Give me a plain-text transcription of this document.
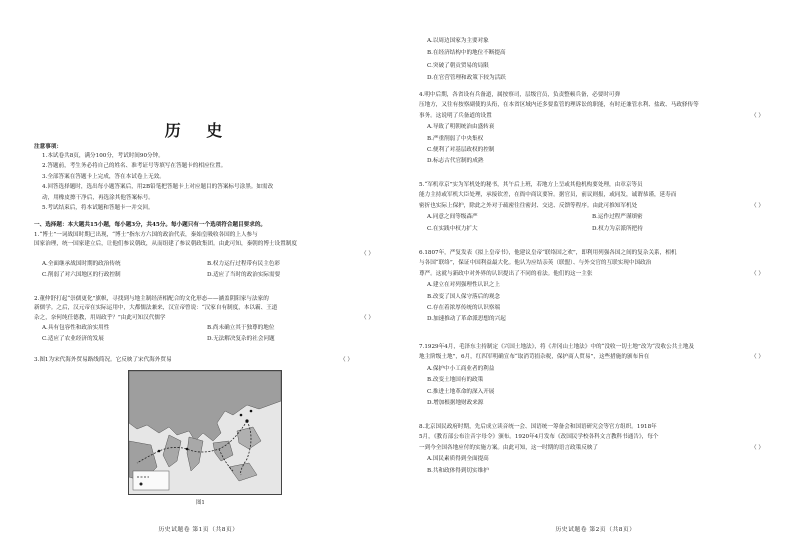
历 史
注意事项：
1.本试卷共8页，满分100分，考试时间90分钟。
2.答题前，考生务必将自己的姓名、准考证号等填写在答题卡的相应位置。
3.全部答案在答题卡上完成，答在本试卷上无效。
4.回答选择题时，选出每小题答案后，用2B铅笔把答题卡上对应题目的答案标号涂黑。如需改
动，用橡皮擦干净后，再选涂其他答案标号。
5.考试结束后，将本试题和答题卡一并交回。
一、选择题：本大题共15小题，每小题3分，共45分。每小题只有一个选项符合题目要求的。
1.“博士”一词战国时期已出现，“博士”指东方六国的政治代表，秦始皇吸收各国的上人参与
国家治理，统一国家建立后，让他们参议朝政，从而组建了参议朝政集团。由此可知，秦朝的博士设置制度
（ ）
A.全面继承战国时期的政治传统	B.权力运行过程带有民主色彩
C.削弱了对六国地区的行政控制	D.适应了当时的政治实际需要
2.董仲舒打起“崇儒更化”旗帜，寻找到与地主制经济相配合的文化形态——涵盖阴阳家与法家的
新儒学。之后，汉元帝在实际运用中，大都儒法兼来，汉宣帝曾说：“汉家自有制度，本以霸、王道
杂之，奈何纯任德教，用周政乎？”由此可知汉代儒学	（ ）
A.具有包容性和政治实用性	B.尚未确立其于独尊的地位
C.适应了农业经济的发展	D.无法解决复杂的社会问题
3.图1为宋代海外贸易路线简况。它反映了宋代海外贸易	（ ）
图1
历史试题卷 第1页（共8页）
A.以周边国家为主要对象
B.在经济结构中的地位不断提高
C.突破了朝贡贸易的局限
D.在官营管理和政策下较为活跃
4.明中后期，各省设有兵备道，属按察司，层级官员，负责整顿兵备，必要时可弹
压地方，又往有按察副使的头衔，在本省区域内还多要监管的理诉讼的职能，有时还兼管水利、盐政、马政驿传等
事务。这说明了兵备道的设置	（ ）
A.导致了明朝统治由盛转衰
B.严重削弱了中央集权
C.便利了对基层政权的控制
D.标志古代官制的成熟
5.“军机章京”实为军机处的秘书，其午后上班，若地方上呈或其他机构要处理，由章京等员
能力主持或军机大臣处理，承接钦差，在衙中商议要旨。据官员，前议则报，或同发，诚谓恭谨，延寿而
密折也实际上保护，除此之外对于疏密往往密封、交送、反馈等程序。由此可推知军机处	（ ）
A.同意之间等级森严	B.运作过程严谨缜密
C.在实践中权力扩大	D.权力为京派所把持
6.1807年，严复发表《拟上皇帝书》，他建议皇帝“联络国之欢”，即利用列强各国之间的复杂关系，相机
与各国“联络”，保证中国利益最大化。他认为应结亲英（联盟）、与外交官的互联实现中国政治
尊严。这就与新政中对外界的认识提出了不同的看法。他们的这一主张	（ ）
A.建立在对列强理性认识之上
B.改变了国人保守落后的观念
C.存在着浓厚传统的认识察端
D.加速推动了革命派思想的兴起
7.1929年4月，毛泽东主持制定《兴国土地法》，将《井冈山土地法》中的“没收一切土地”改为“没收公共土地及
地主阶级土地”，6月，红四军明确宣布“取消苛捐杂税，保护商人贸易”，这些措施的颁布旨在	（ ）
A.保护中小工商业者的利益
B.改变土地国有的政策
C.推进土地革命的深入开展
D.增加根据地财政来源
8.北京国民政府时期，先后成立读音统一会、国语统一筹备会和国语研究会等官方组织。1918年
5月，《教育部公布注音字母令》颁布。1920年4月发布《改国民学校各科文言教科书通告》，每个
一到今全国各地应付的实施方案。由此可知，这一时期的语言政策反映了	（ ）
A.国民素质得到全面提高
B.共和政体得到切实维护
历史试题卷 第2页（共8页）
